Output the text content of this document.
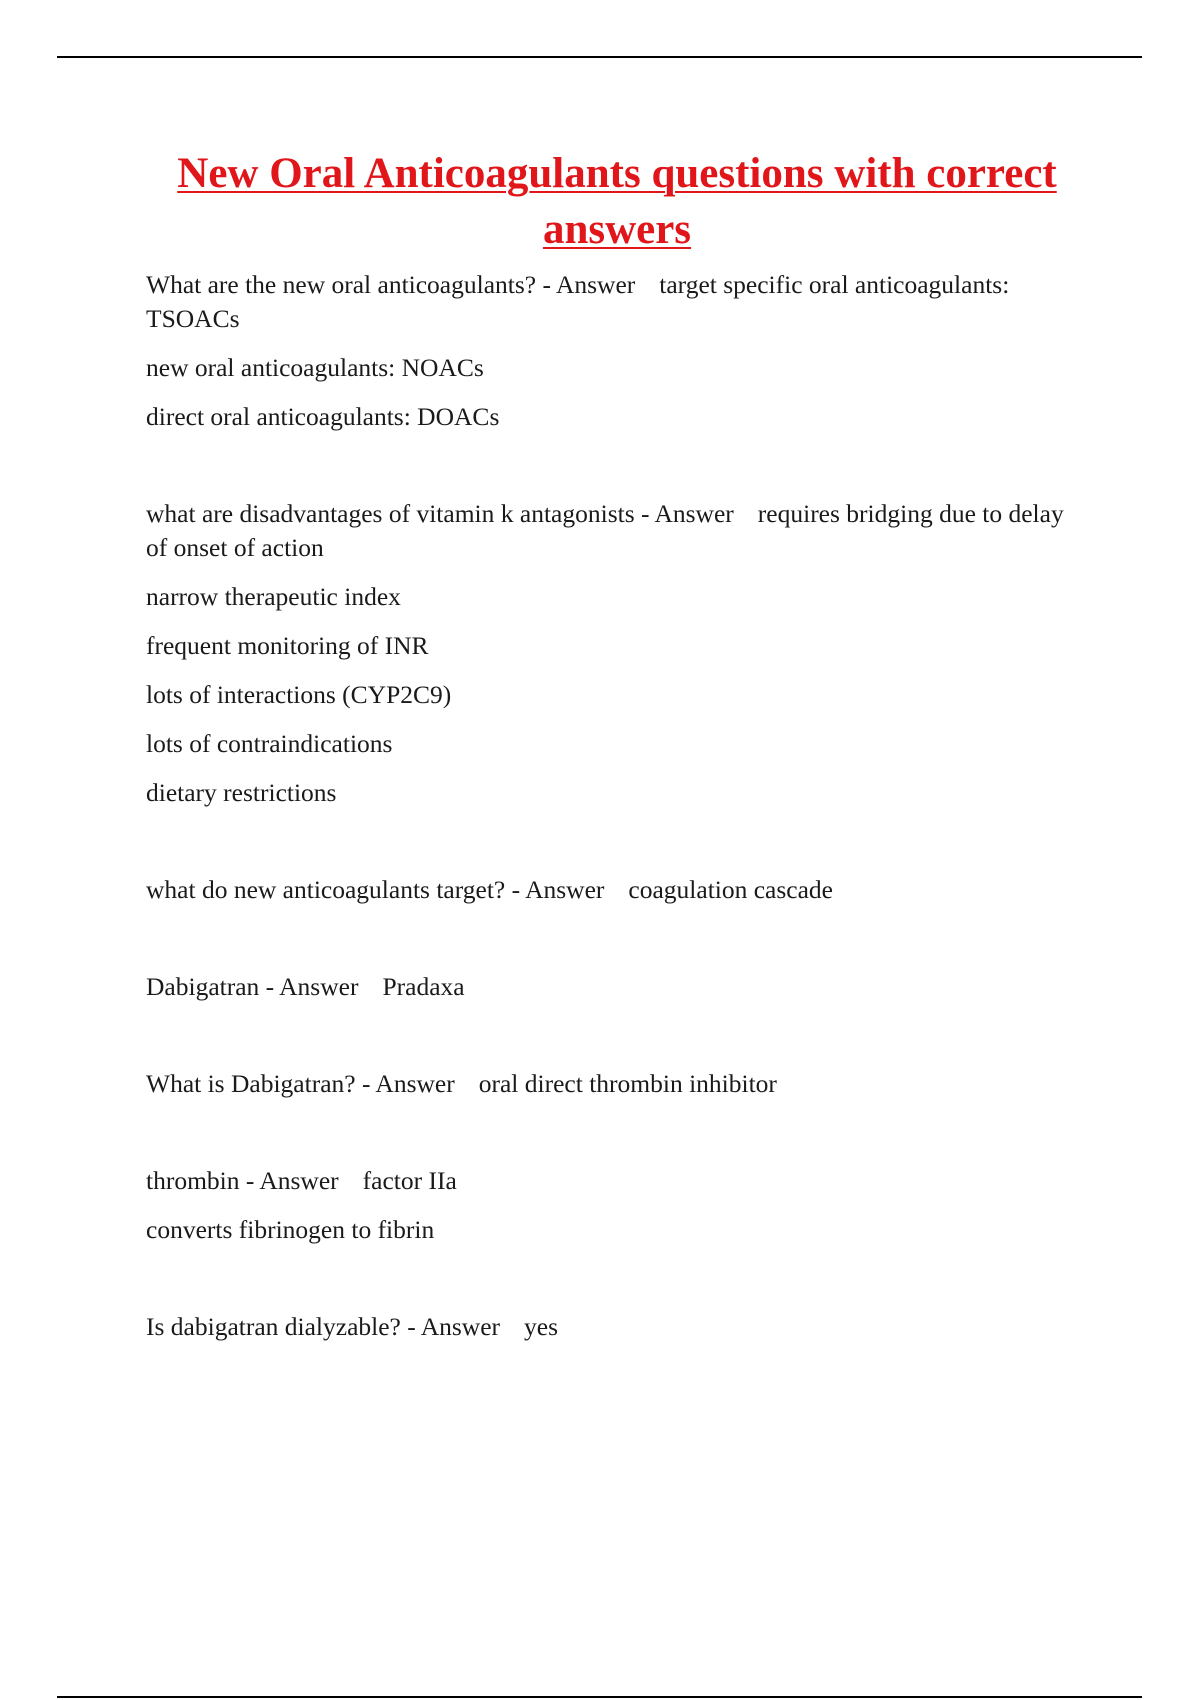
New Oral Anticoagulants questions with correct answers

What are the new oral anticoagulants? - Answer target specific oral anticoagulants: TSOACs

new oral anticoagulants: NOACs

direct oral anticoagulants: DOACs

what are disadvantages of vitamin k antagonists - Answer requires bridging due to delay of onset of action

narrow therapeutic index

frequent monitoring of INR

lots of interactions (CYP2C9)

lots of contraindications

dietary restrictions

what do new anticoagulants target? - Answer coagulation cascade

Dabigatran - Answer Pradaxa

What is Dabigatran? - Answer oral direct thrombin inhibitor

thrombin - Answer factor IIa

converts fibrinogen to fibrin

Is dabigatran dialyzable? - Answer yes
